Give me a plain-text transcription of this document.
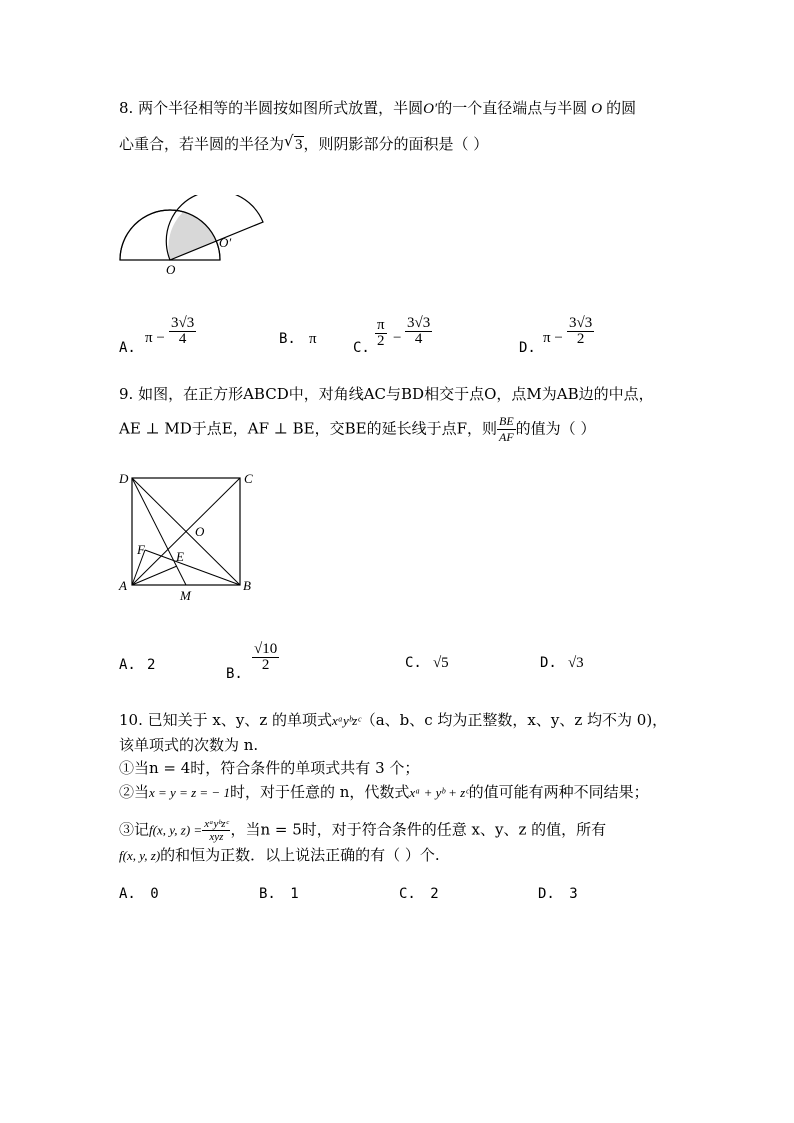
8. 两个半径相等的半圆按如图所式放置，半圆O′的一个直径端点与半圆 O 的圆
心重合，若半圆的半径为 √ 3，则阴影部分的面积是（ ）
O
O′
A.
$\pi - \frac{3√3}{4}$	B. π
C. $\frac{\pi}{2} - \frac{3√3}{4}$
D.
$\pi - \frac{3√3}{2}$
9. 如图，在正方形ABCD中，对角线AC与BD相交于点O，点M为AB边的中点，
AE ⊥ MD于点E，AF ⊥ BE，交BE的延长线于点F，则 $\frac{BE}{AF}$ 的值为（ ）
D	C
A	B
O
E
F
M
A. 2
B.
$\frac{√10}{2}$	C. √5	D. √3
10. 已知关于 x、y、z 的单项式xᵃyᵇzᶜ（a、b、c 均为正整数，x、y、z 均不为 0)，
该单项式的次数为 n.
①当n = 4时，符合条件的单项式共有 3 个；
②当x = y = z = − 1时，对于任意的 n，代数式xᵃ + yᵇ + zᶜ的值可能有两种不同结果；
③记f(x, y, $z) = \frac{\text{xᵃyᵇzᶜ}}{\text{xyz}}$ ，当n = 5时，对于符合条件的任意 x、y、z 的值，所有
f(x, y, z)的和恒为正数．以上说法正确的有（ ）个.
A. 0	B. 1	C. 2	D. 3
